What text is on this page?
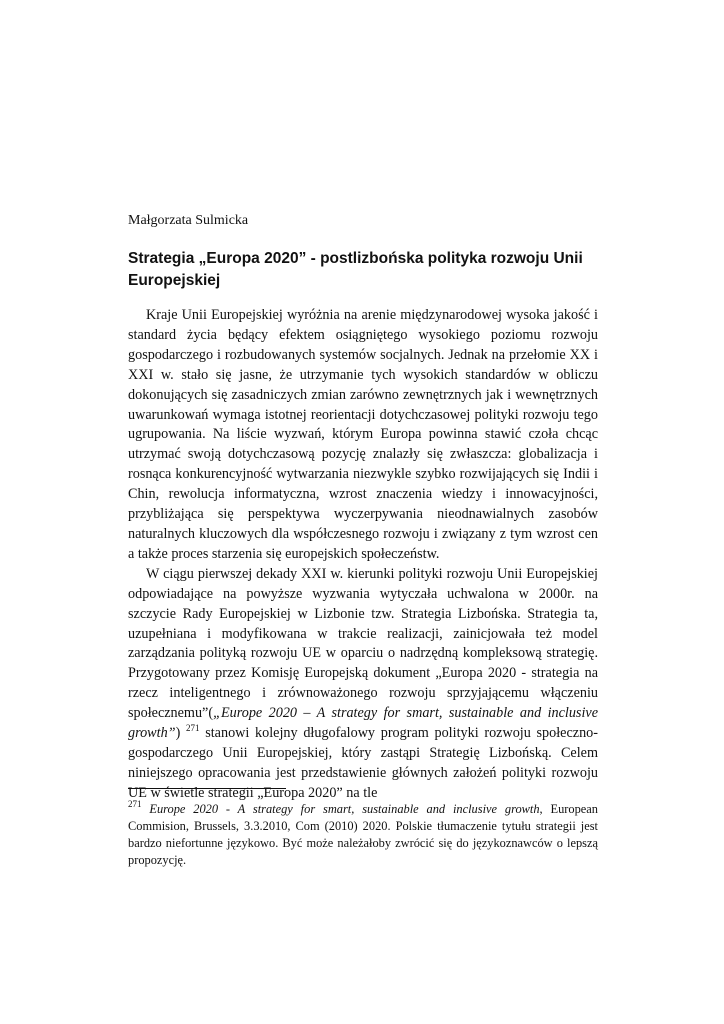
Małgorzata Sulmicka
Strategia „Europa 2020” - postlizbońska polityka rozwoju Unii Europejskiej

Kraje Unii Europejskiej wyróżnia na arenie międzynarodowej wysoka jakość i standard życia będący efektem osiągniętego wysokiego poziomu rozwoju gospodarczego i rozbudowanych systemów socjalnych. Jednak na przełomie XX i XXI w. stało się jasne, że utrzymanie tych wysokich standardów w obliczu dokonujących się zasadniczych zmian zarówno zewnętrznych jak i wewnętrznych uwarunkowań wymaga istotnej reorientacji dotychczasowej polityki rozwoju tego ugrupowania. Na liście wyzwań, którym Europa powinna stawić czoła chcąc utrzymać swoją dotychczasową pozycję znalazły się zwłaszcza: globalizacja i rosnąca konkurencyjność wytwarzania niezwykle szybko rozwijających się Indii i Chin, rewolucja informatyczna, wzrost znaczenia wiedzy i innowacyjności, przybliżająca się perspektywa wyczerpywania nieodnawialnych zasobów naturalnych kluczowych dla współczesnego rozwoju i związany z tym wzrost cen a także proces starzenia się europejskich społeczeństw.

W ciągu pierwszej dekady XXI w. kierunki polityki rozwoju Unii Europejskiej odpowiadające na powyższe wyzwania wytyczała uchwalona w 2000r. na szczycie Rady Europejskiej w Lizbonie tzw. Strategia Lizbońska. Strategia ta, uzupełniana i modyfikowana w trakcie realizacji, zainicjowała też model zarządzania polityką rozwoju UE w oparciu o nadrzędną kompleksową strategię. Przygotowany przez Komisję Europejską dokument „Europa 2020 - strategia na rzecz inteligentnego i zrównoważonego rozwoju sprzyjającemu włączeniu społecznemu”(„Europe 2020 – A strategy for smart, sustainable and inclusive growth”) $^{271}$ stanowi kolejny długofalowy program polityki rozwoju społeczno-gospodarczego Unii Europejskiej, który zastąpi Strategię Lizbońską. Celem niniejszego opracowania jest przedstawienie głównych założeń polityki rozwoju UE w świetle strategii „Europa 2020” na tle

$^{271}$ Europe 2020 - A strategy for smart, sustainable and inclusive growth, European Commision, Brussels, 3.3.2010, Com (2010) 2020. Polskie tłumaczenie tytułu strategii jest bardzo niefortunne językowo. Być może należałoby zwrócić się do językoznawców o lepszą propozycję.
